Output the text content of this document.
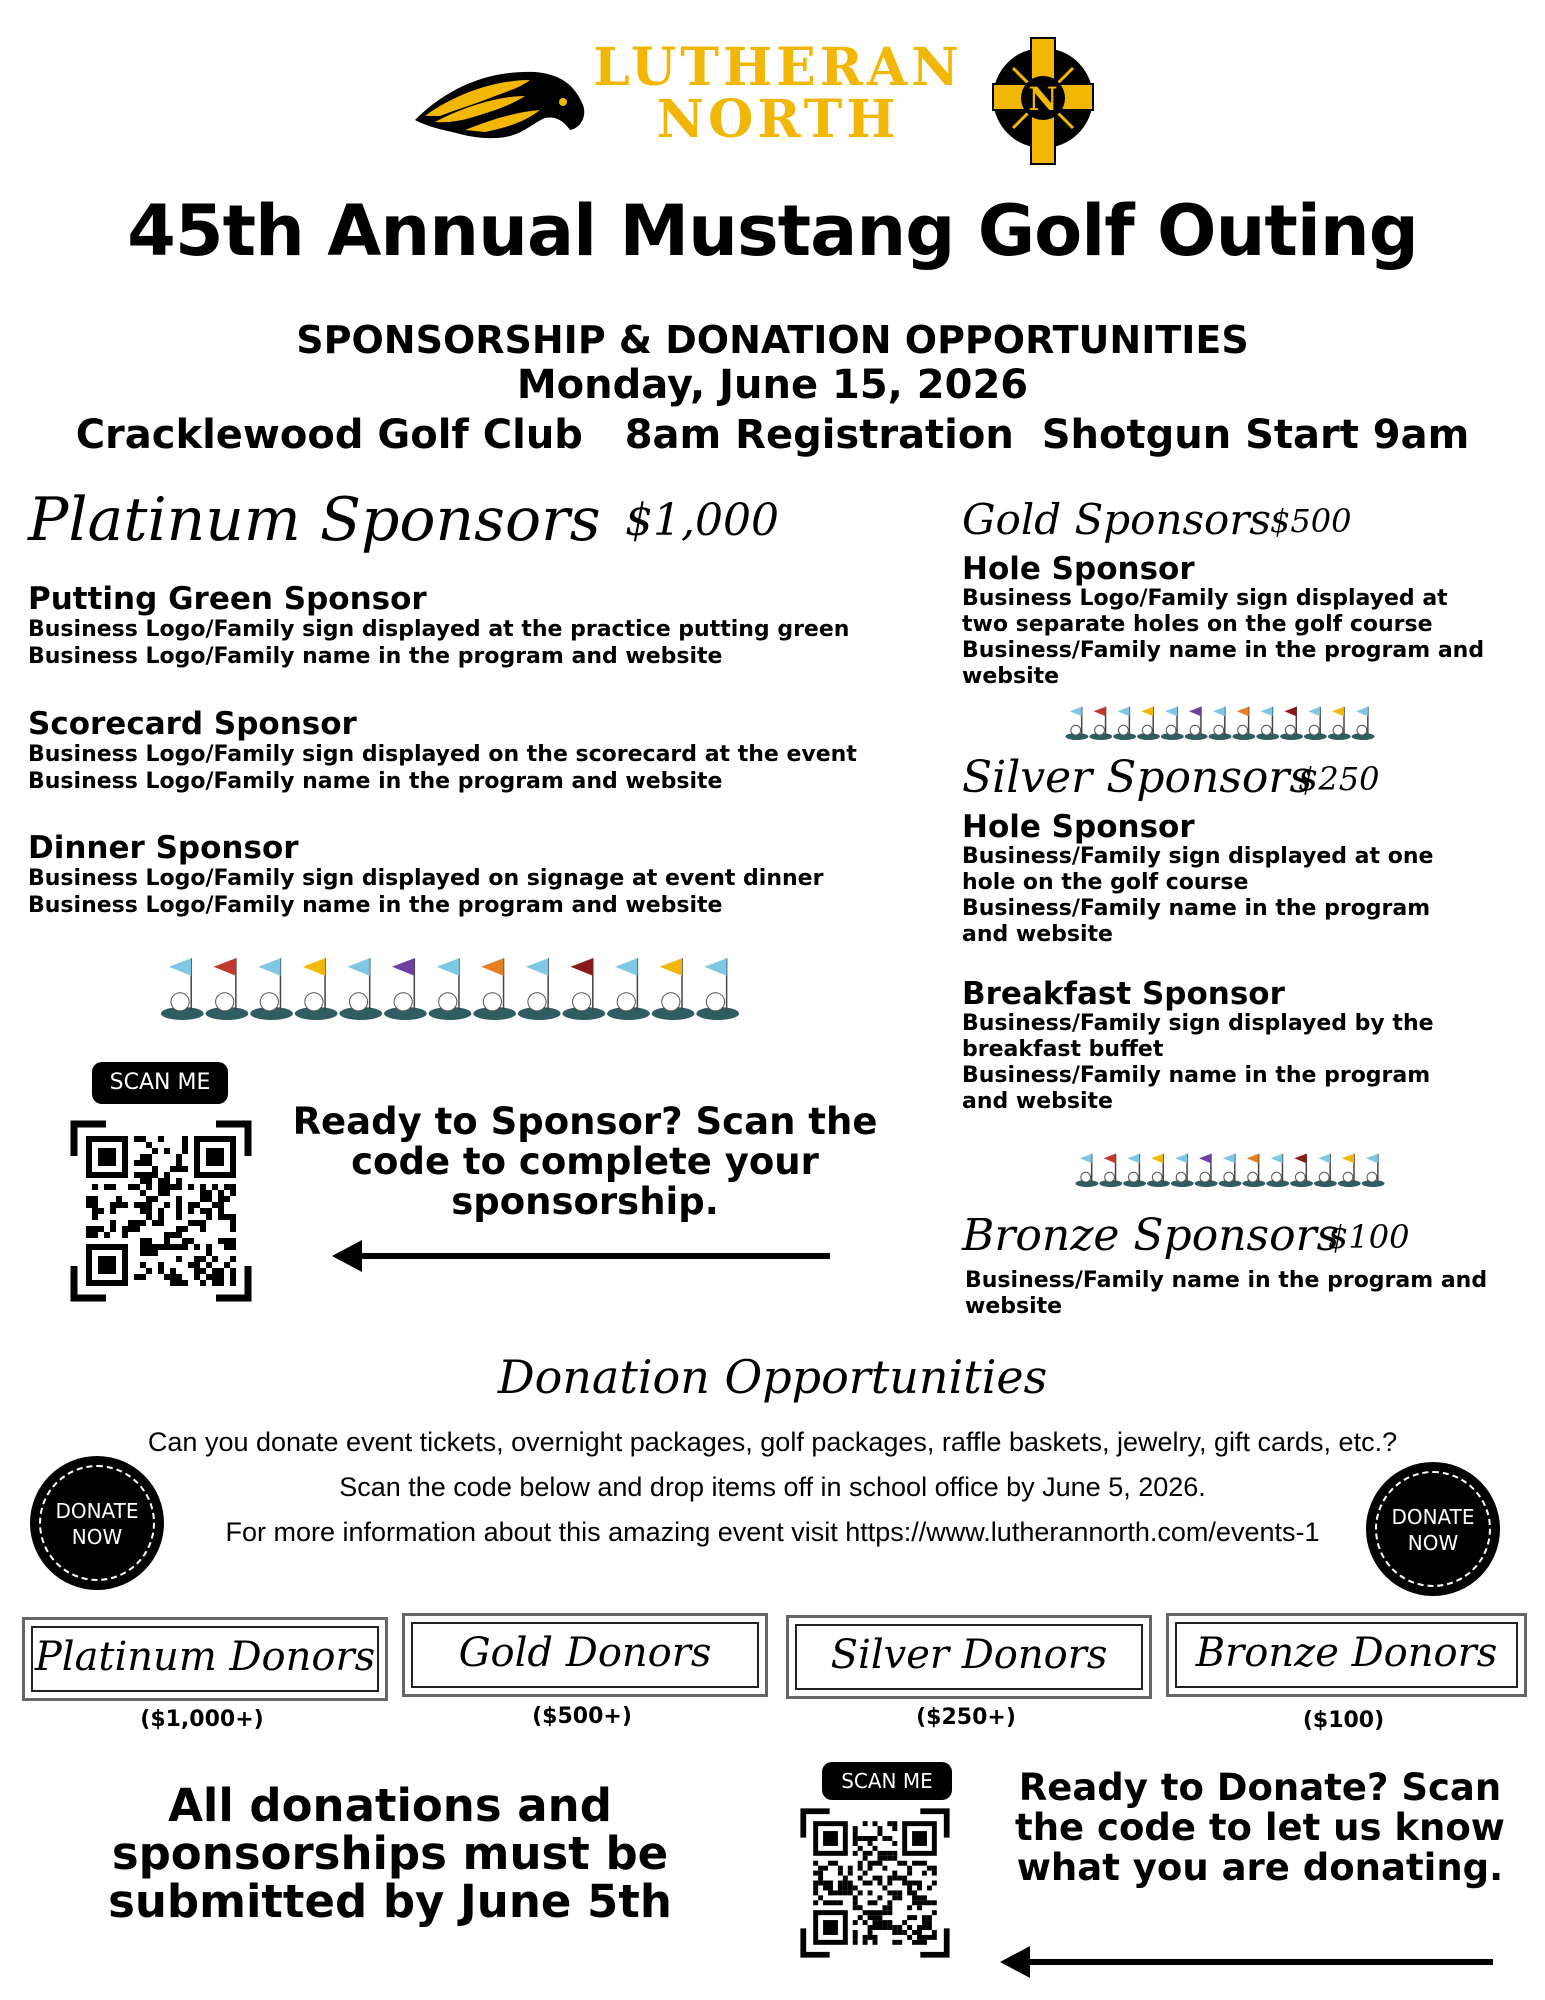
LUTHERAN
NORTH	N
45th Annual Mustang Golf Outing
SPONSORSHIP & DONATION OPPORTUNITIES
Monday, June 15, 2026
Cracklewood Golf Club   8am Registration  Shotgun Start 9am
Platinum Sponsors $1,000
Putting Green Sponsor
Business Logo/Family sign displayed at the practice putting green
Business Logo/Family name in the program and website
Scorecard Sponsor
Business Logo/Family sign displayed on the scorecard at the event
Business Logo/Family name in the program and website
Dinner Sponsor
Business Logo/Family sign displayed on signage at event dinner
Business Logo/Family name in the program and website
SCAN ME
Ready to Sponsor? Scan the code to complete your sponsorship.
Gold Sponsors $500
Hole Sponsor
Business Logo/Family sign displayed at
two separate holes on the golf course
Business/Family name in the program and
website
Silver Sponsors
$250
Hole Sponsor
Business/Family sign displayed at one
hole on the golf course
Business/Family name in the program
and website
Breakfast Sponsor
Business/Family sign displayed by the
breakfast buffet
Business/Family name in the program
and website
Bronze Sponsors
$100
Business/Family name in the program and
website
Donation Opportunities
Can you donate event tickets, overnight packages, golf packages, raffle baskets, jewelry, gift cards, etc.?
Scan the code below and drop items off in school office by June 5, 2026.
For more information about this amazing event visit https://www.lutherannorth.com/events-1
DONATE
NOW
DONATE
NOW
Platinum Donors
($1,000+)
Gold Donors
($500+)
Silver Donors
($250+)
Bronze Donors
($100)
All donations and sponsorships must be submitted by June 5th
SCAN ME	Ready to Donate? Scan the code to let us know what you are donating.
